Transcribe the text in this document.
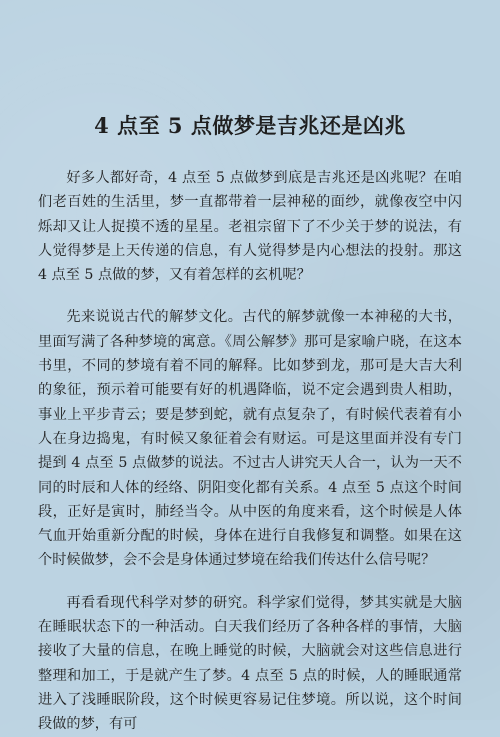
4 点至 5 点做梦是吉兆还是凶兆

好多人都好奇，4 点至 5 点做梦到底是吉兆还是凶兆呢？在咱们老百姓的生活里，梦一直都带着一层神秘的面纱，就像夜空中闪烁却又让人捉摸不透的星星。老祖宗留下了不少关于梦的说法，有人觉得梦是上天传递的信息，有人觉得梦是内心想法的投射。那这 4 点至 5 点做的梦，又有着怎样的玄机呢？

先来说说古代的解梦文化。古代的解梦就像一本神秘的大书，里面写满了各种梦境的寓意。《周公解梦》那可是家喻户晓，在这本书里，不同的梦境有着不同的解释。比如梦到龙，那可是大吉大利的象征，预示着可能要有好的机遇降临，说不定会遇到贵人相助，事业上平步青云；要是梦到蛇，就有点复杂了，有时候代表着有小人在身边捣鬼，有时候又象征着会有财运。可是这里面并没有专门提到 4 点至 5 点做梦的说法。不过古人讲究天人合一，认为一天不同的时辰和人体的经络、阴阳变化都有关系。4 点至 5 点这个时间段，正好是寅时，肺经当令。从中医的角度来看，这个时候是人体气血开始重新分配的时候，身体在进行自我修复和调整。如果在这个时候做梦，会不会是身体通过梦境在给我们传达什么信号呢？

再看看现代科学对梦的研究。科学家们觉得，梦其实就是大脑在睡眠状态下的一种活动。白天我们经历了各种各样的事情，大脑接收了大量的信息，在晚上睡觉的时候，大脑就会对这些信息进行整理和加工，于是就产生了梦。4 点至 5 点的时候，人的睡眠通常进入了浅睡眠阶段，这个时候更容易记住梦境。所以说，这个时间段做的梦，有可
